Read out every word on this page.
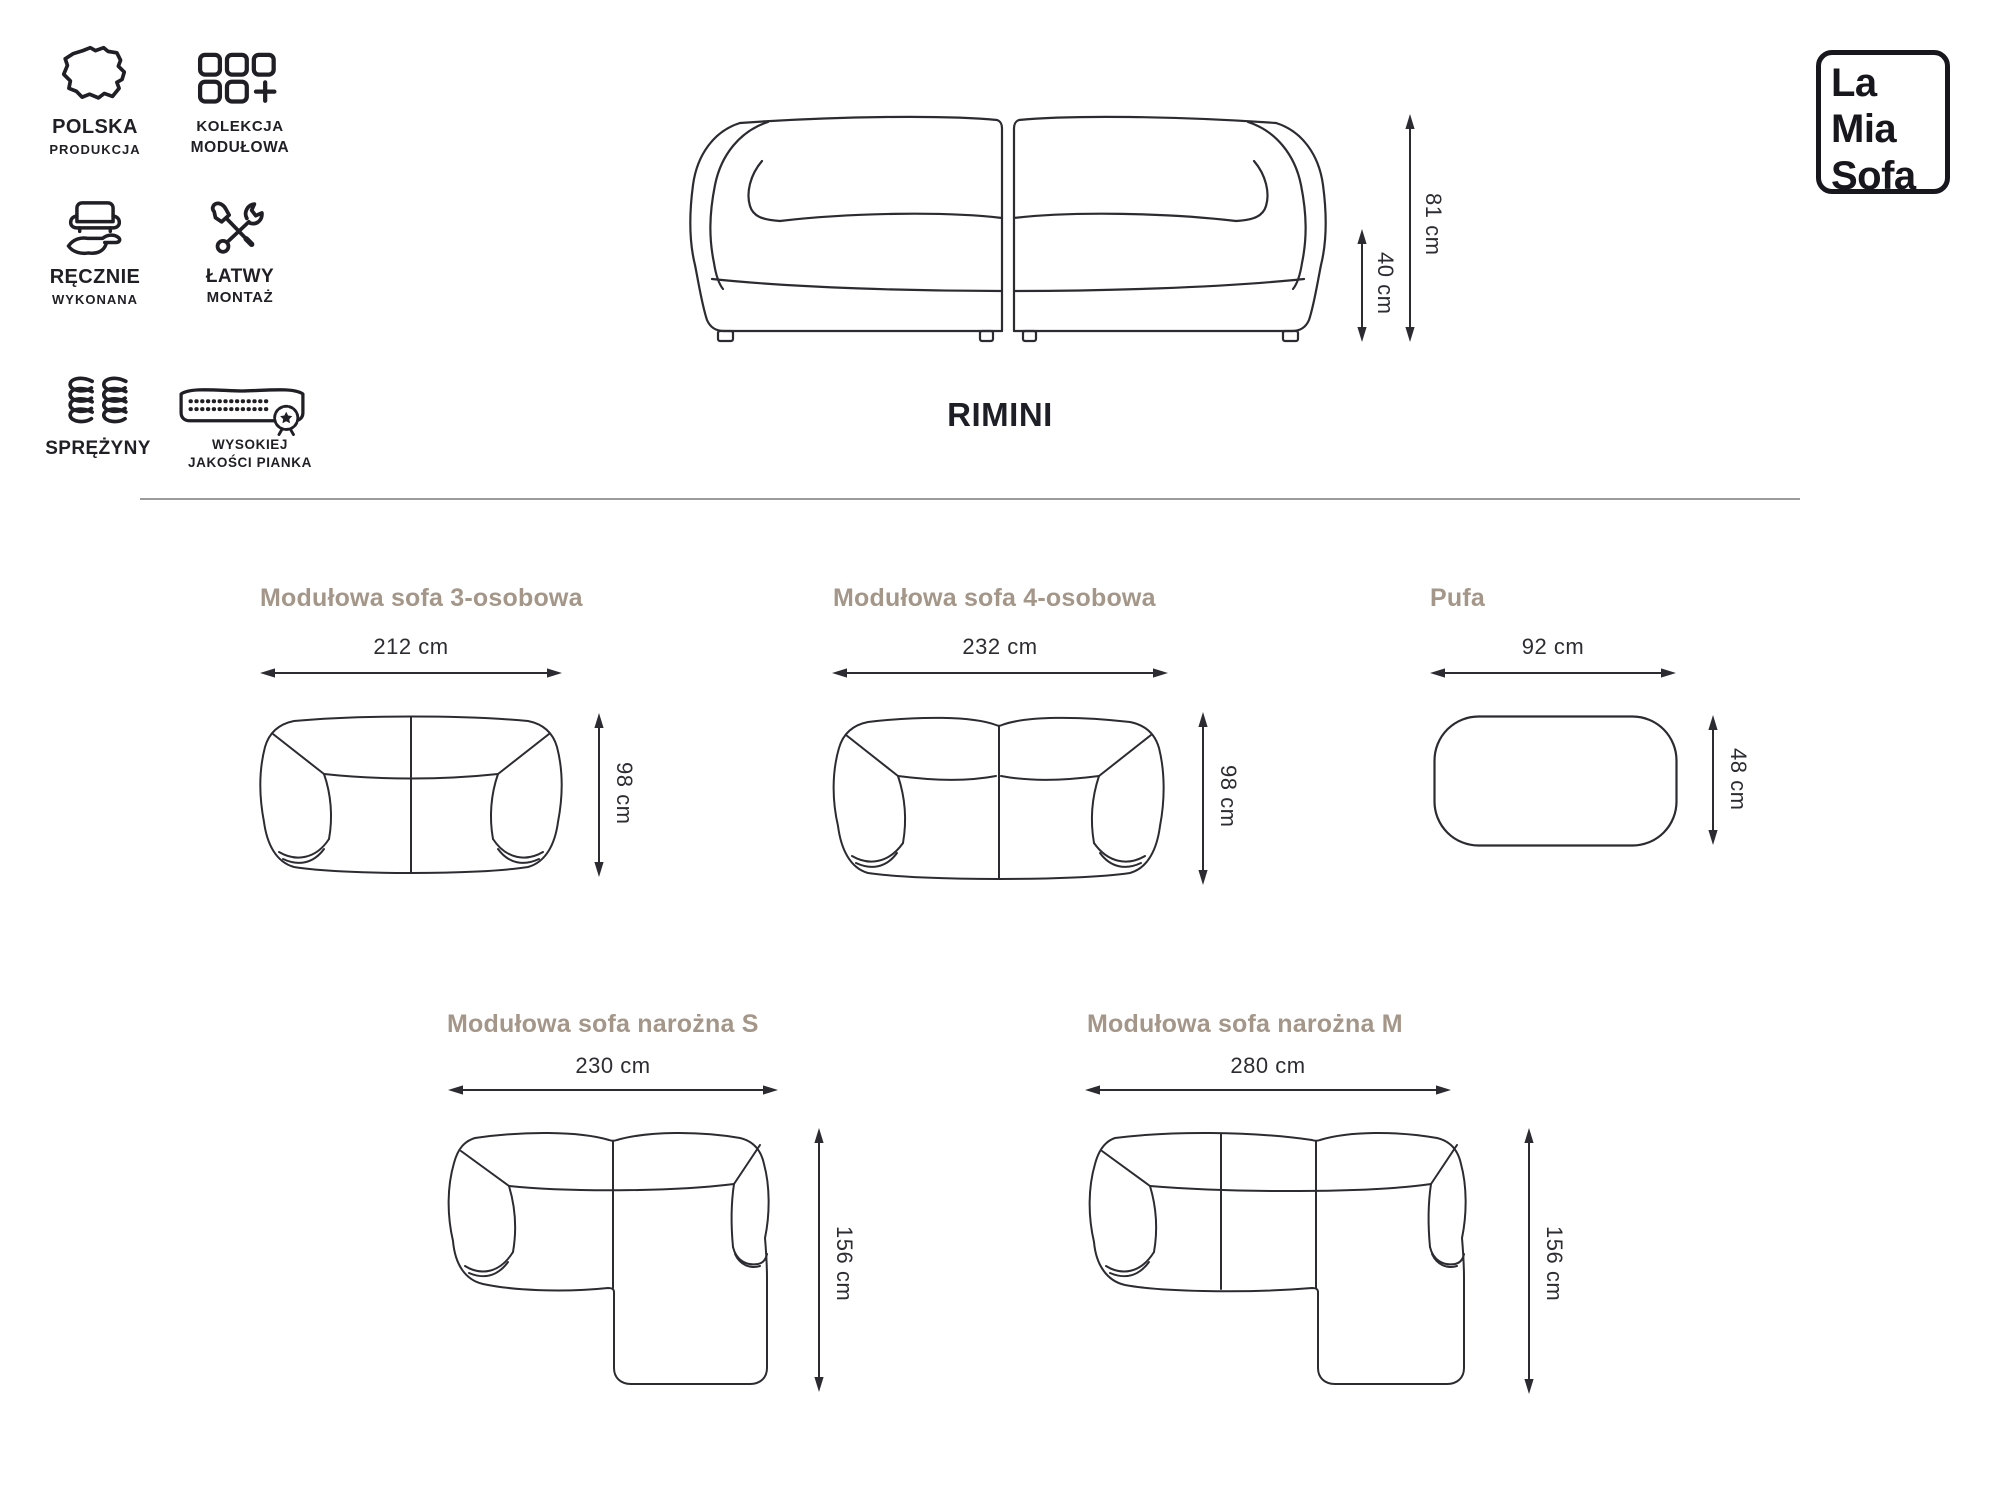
POLSKA
PRODUKCJA
KOLEKCJA
MODUŁOWA
RĘCZNIE
WYKONANA
ŁATWY
MONTAŻ
SPRĘŻYNY	WYSOKIEJ
JAKOŚCI PIANKA
La
Mia
Sofa
40 cm
81 cm
RIMINI
Modułowa sofa 3-osobowa
212 cm
98 cm
Modułowa sofa 4-osobowa
232 cm
98 cm
Pufa
92 cm
48 cm
Modułowa sofa narożna S
230 cm
156 cm
Modułowa sofa narożna M
280 cm
156 cm
